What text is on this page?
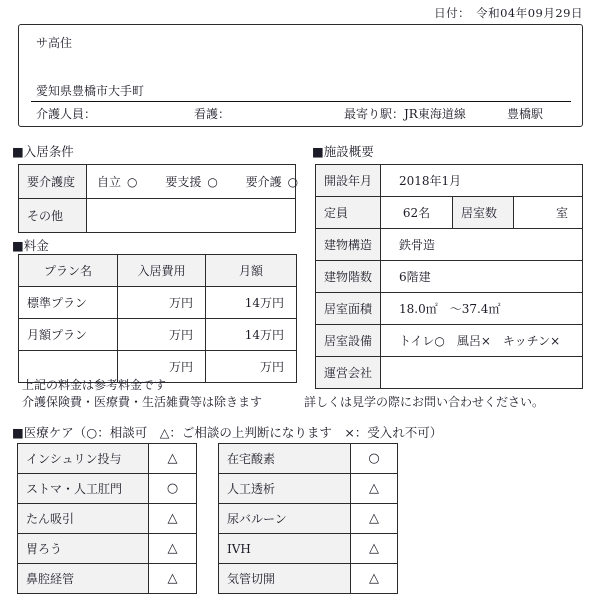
日付： 令和04年09月29日
サ高住
愛知県豊橋市大手町
介護人員：	看護：	最寄り駅： JR東海道線	豊橋駅
■入居条件
要介護度	自立 ○ 要支援 ○ 要介護 ○
その他	
■施設概要
開設年月	2018年1月		
定員	62名	居室数	室
建物構造	鉄骨造		
建物階数	6階建		
居室面積	18.0㎡　～37.4㎡		
居室設備	トイレ○　風呂×　キッチン×		
運営会社			
■料金
プラン名	入居費用	月額
標準プラン	万円	14万円
月額プラン	万円	14万円
	万円	万円
上記の料金は参考料金です
介護保険費・医療費・生活雑費等は除きます	詳しくは見学の際にお問い合わせください。
■医療ケア（○：相談可　△：ご相談の上判断になります　×：受入れ不可）
インシュリン投与	△
ストマ・人工肛門	○
たん吸引	△
胃ろう	△
鼻腔経管	△
在宅酸素	○
人工透析	△
尿バルーン	△
IVH	△
気管切開	△
